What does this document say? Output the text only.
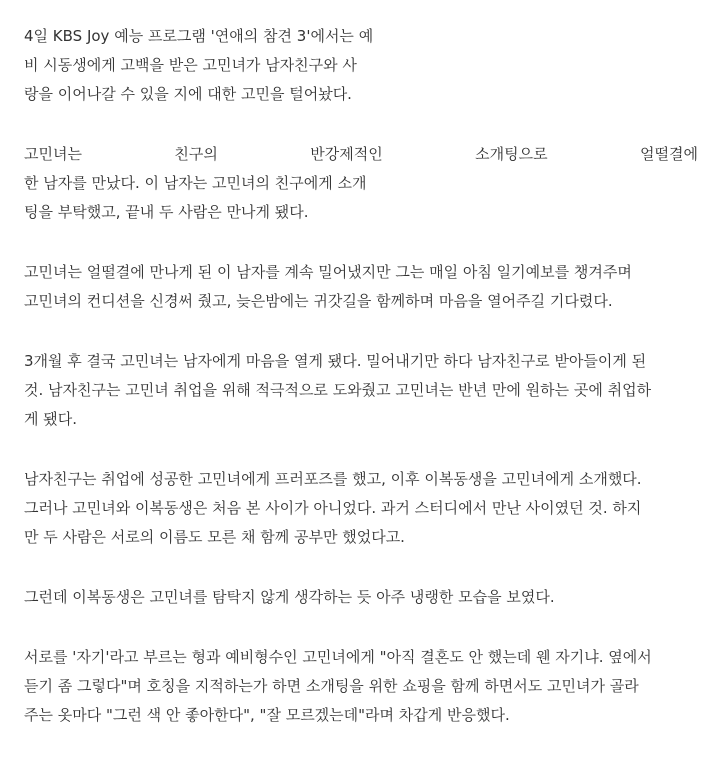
4일 KBS Joy 예능 프로그램 '연애의 참견 3'에서는 예
비 시동생에게 고백을 받은 고민녀가 남자친구와 사
랑을 이어나갈 수 있을 지에 대한 고민을 털어놨다.
고민녀는	친구의	반강제적인	소개팅으로	얼떨결에
한 남자를 만났다. 이 남자는 고민녀의 친구에게 소개
팅을 부탁했고, 끝내 두 사람은 만나게 됐다.
고민녀는 얼떨결에 만나게 된 이 남자를 계속 밀어냈지만 그는 매일 아침 일기예보를 챙겨주며
고민녀의 컨디션을 신경써 줬고, 늦은밤에는 귀갓길을 함께하며 마음을 열어주길 기다렸다.
3개월 후 결국 고민녀는 남자에게 마음을 열게 됐다. 밀어내기만 하다 남자친구로 받아들이게 된
것. 남자친구는 고민녀 취업을 위해 적극적으로 도와줬고 고민녀는 반년 만에 원하는 곳에 취업하
게 됐다.
남자친구는 취업에 성공한 고민녀에게 프러포즈를 했고, 이후 이복동생을 고민녀에게 소개했다.
그러나 고민녀와 이복동생은 처음 본 사이가 아니었다. 과거 스터디에서 만난 사이였던 것. 하지
만 두 사람은 서로의 이름도 모른 채 함께 공부만 했었다고.
그런데 이복동생은 고민녀를 탐탁지 않게 생각하는 듯 아주 냉랭한 모습을 보였다.
서로를 '자기'라고 부르는 형과 예비형수인 고민녀에게 "아직 결혼도 안 했는데 웬 자기냐. 옆에서
듣기 좀 그렇다"며 호칭을 지적하는가 하면 소개팅을 위한 쇼핑을 함께 하면서도 고민녀가 골라
주는 옷마다 "그런 색 안 좋아한다", "잘 모르겠는데"라며 차갑게 반응했다.
